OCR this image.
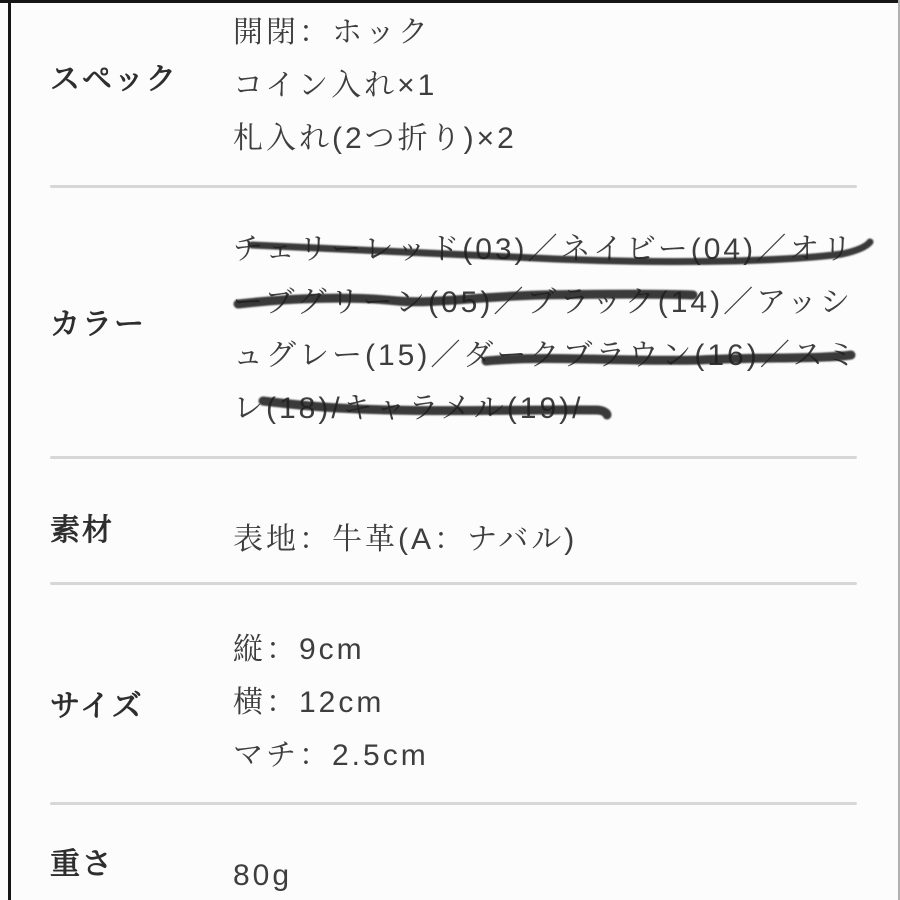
スペック
開閉：ホック
コイン入れ×1
札入れ(2つ折り)×2
カラー
チェリーレッド(03)／ネイビー(04)／オリ
ーブグリーン(05)／ブラック(14)／アッシ
ュグレー(15)／ダークブラウン(16)／スミ
レ(18)/キャラメル(19)/
素材	表地：牛革(A：ナバル)
サイズ
縦：9cm
横：12cm
マチ：2.5cm
重さ	80g
